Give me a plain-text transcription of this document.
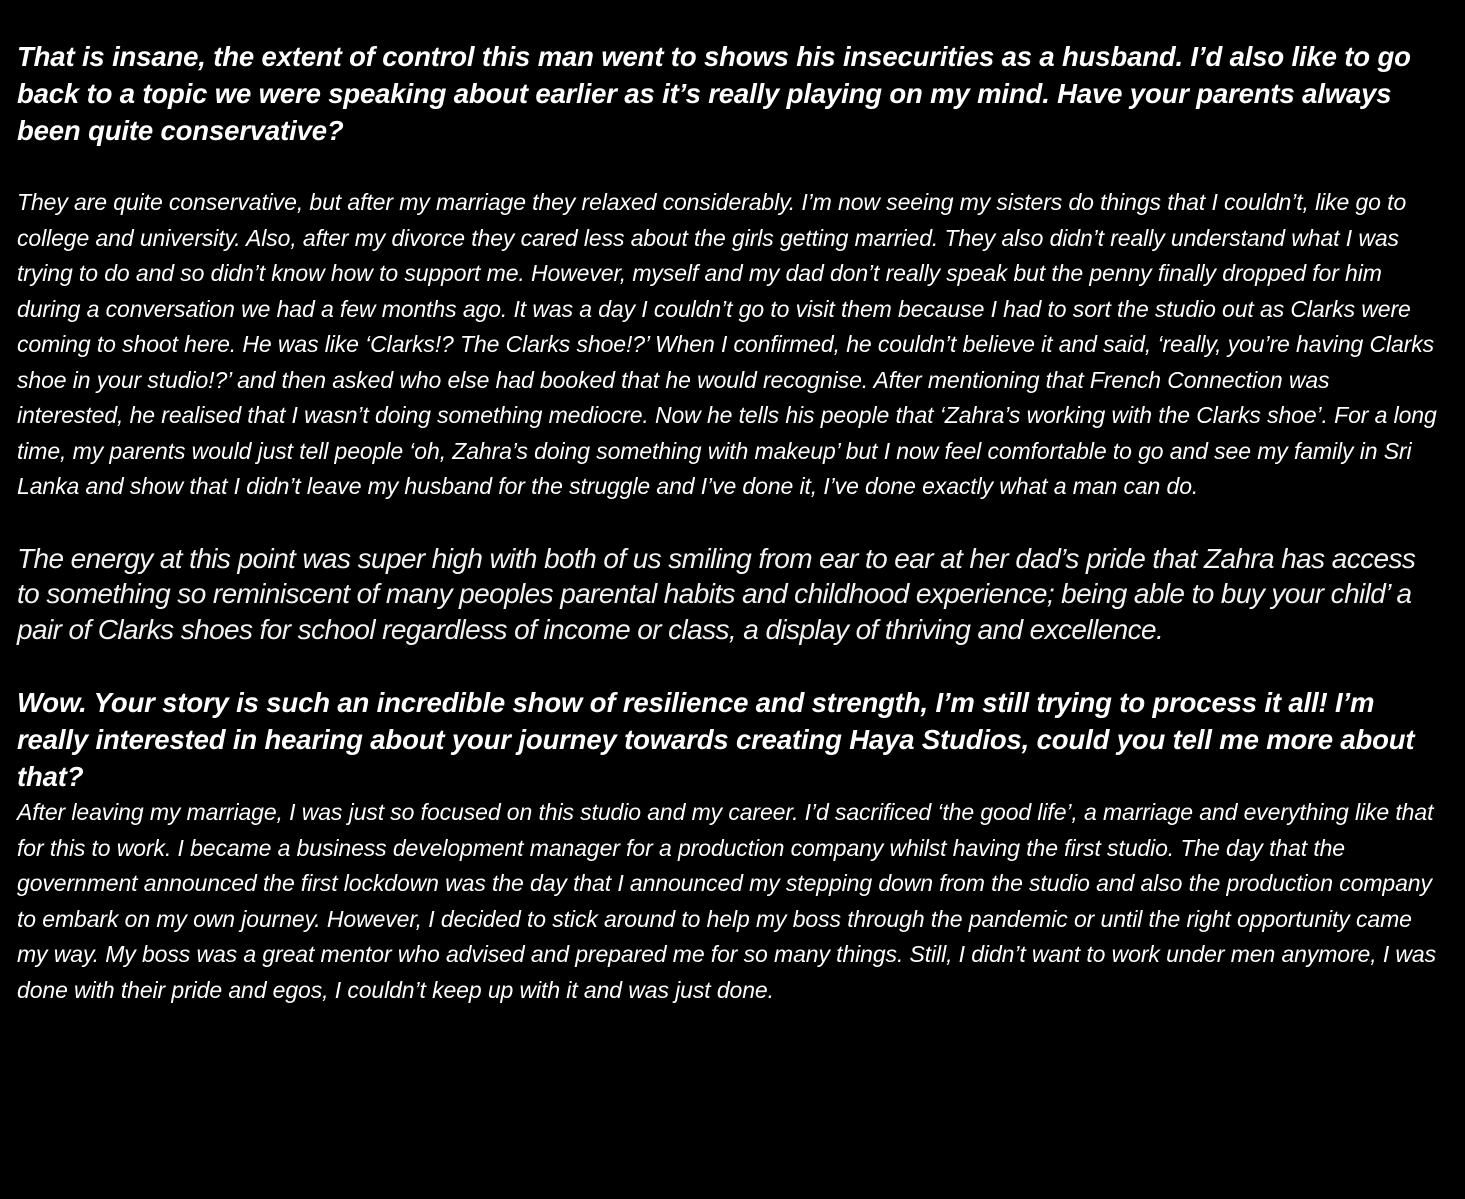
That is insane, the extent of control this man went to shows his insecurities as a husband. I’d also like to go back to a topic we were speaking about earlier as it’s really playing on my mind. Have your parents always been quite conservative?

They are quite conservative, but after my marriage they relaxed considerably. I’m now seeing my sisters do things that I couldn’t, like go to college and university. Also, after my divorce they cared less about the girls getting married. They also didn’t really understand what I was trying to do and so didn’t know how to support me. However, myself and my dad don’t really speak but the penny finally dropped for him during a conversation we had a few months ago. It was a day I couldn’t go to visit them because I had to sort the studio out as Clarks were coming to shoot here. He was like ‘Clarks!? The Clarks shoe!?’ When I confirmed, he couldn’t believe it and said, ‘really, you’re having Clarks shoe in your studio!?’ and then asked who else had booked that he would recognise. After mentioning that French Connection was interested, he realised that I wasn’t doing something mediocre. Now he tells his people that ‘Zahra’s working with the Clarks shoe’. For a long time, my parents would just tell people ‘oh, Zahra’s doing something with makeup’ but I now feel comfortable to go and see my family in Sri Lanka and show that I didn’t leave my husband for the struggle and I’ve done it, I’ve done exactly what a man can do.

The energy at this point was super high with both of us smiling from ear to ear at her dad’s pride that Zahra has access to something so reminiscent of many peoples parental habits and childhood experience; being able to buy your child’ a pair of Clarks shoes for school regardless of income or class, a display of thriving and excellence.

Wow. Your story is such an incredible show of resilience and strength, I’m still trying to process it all! I’m really interested in hearing about your journey towards creating Haya Studios, could you tell me more about that?

After leaving my marriage, I was just so focused on this studio and my career. I’d sacrificed ‘the good life’, a marriage and everything like that for this to work. I became a business development manager for a production company whilst having the first studio. The day that the government announced the first lockdown was the day that I announced my stepping down from the studio and also the production company to embark on my own journey. However, I decided to stick around to help my boss through the pandemic or until the right opportunity came my way. My boss was a great mentor who advised and prepared me for so many things. Still, I didn’t want to work under men anymore, I was done with their pride and egos, I couldn’t keep up with it and was just done.
